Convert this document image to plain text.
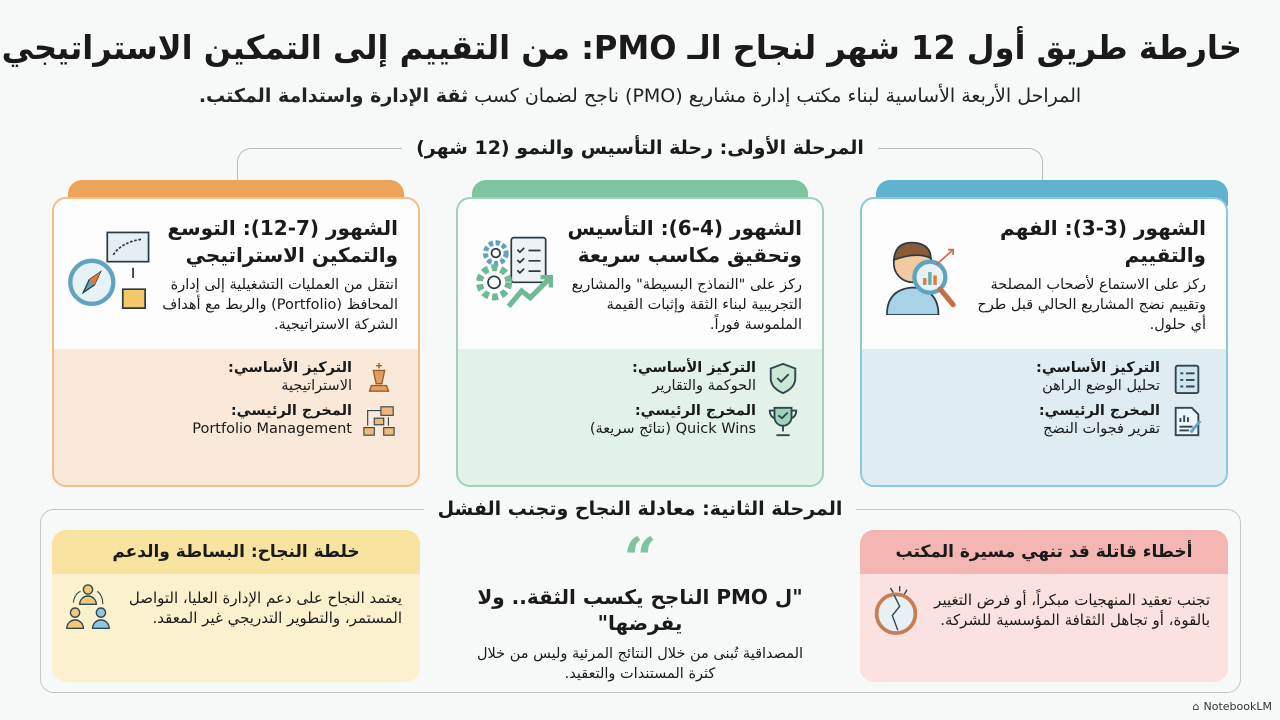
خارطة طريق أول 12 شهر لنجاح الـ PMO: من التقييم إلى التمكين الاستراتيجي
المراحل الأربعة الأساسية لبناء مكتب إدارة مشاريع (PMO) ناجح لضمان كسب ثقة الإدارة واستدامة المكتب.
المرحلة الأولى: رحلة التأسيس والنمو (12 شهر)
الشهور (3-3): الفهم والتقييم

ركز على الاستماع لأصحاب المصلحة وتقييم نضج المشاريع الحالي قبل طرح أي حلول.

التركيز الأساسي:
تحليل الوضع الراهن
المخرج الرئيسي:
تقرير فجوات النضج
الشهور (4-6): التأسيس وتحقيق مكاسب سريعة

ركز على "النماذج البسيطة" والمشاريع التجريبية لبناء الثقة وإثبات القيمة الملموسة فوراً.

التركيز الأساسي:
الحوكمة والتقارير
المخرج الرئيسي:
Quick Wins (نتائج سريعة)
الشهور (7-12): التوسع والتمكين الاستراتيجي

انتقل من العمليات التشغيلية إلى إدارة المحافظ (Portfolio) والربط مع أهداف الشركة الاستراتيجية.

التركيز الأساسي:
الاستراتيجية
المخرج الرئيسي:
Portfolio Management
المرحلة الثانية: معادلة النجاح وتجنب الفشل
أخطاء قاتلة قد تنهي مسيرة المكتب

تجنب تعقيد المنهجيات مبكراً، أو فرض التغيير بالقوة، أو تجاهل الثقافة المؤسسية للشركة.

“
"ل PMO الناجح يكسب الثقة.. ولا يفرضها"
المصداقية تُبنى من خلال النتائج المرئية وليس من خلال كثرة المستندات والتعقيد.
خلطة النجاح: البساطة والدعم

يعتمد النجاح على دعم الإدارة العليا، التواصل المستمر، والتطوير التدريجي غير المعقد.

⌂ NotebookLM
